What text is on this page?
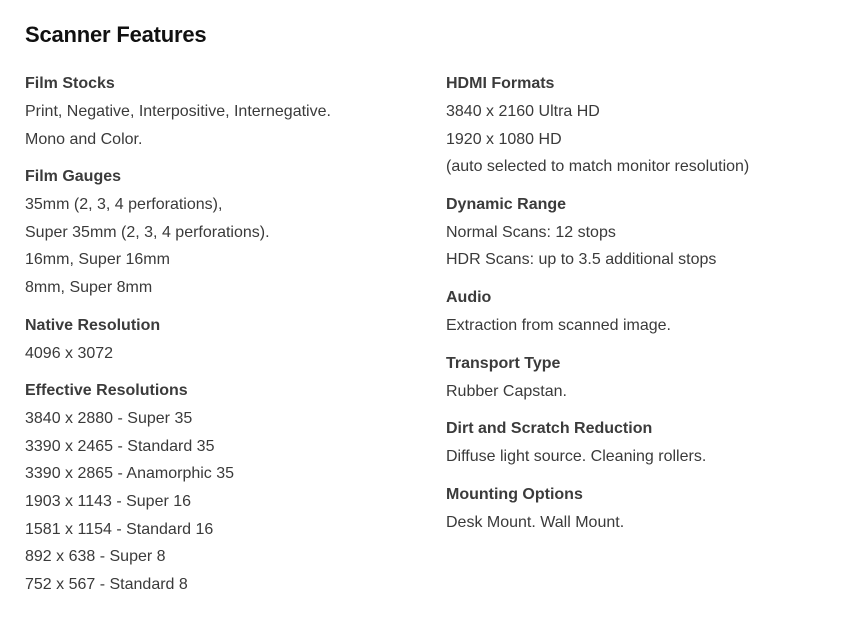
Scanner Features
Film Stocks
Print, Negative, Interpositive, Internegative.
Mono and Color.
Film Gauges
35mm (2, 3, 4 perforations),
Super 35mm (2, 3, 4 perforations).
16mm, Super 16mm
8mm, Super 8mm
Native Resolution
4096 x 3072
Effective Resolutions
3840 x 2880 - Super 35
3390 x 2465 - Standard 35
3390 x 2865 - Anamorphic 35
1903 x 1143 - Super 16
1581 x 1154 - Standard 16
892 x 638 - Super 8
752 x 567 - Standard 8
HDMI Formats
3840 x 2160 Ultra HD
1920 x 1080 HD
(auto selected to match monitor resolution)
Dynamic Range
Normal Scans: 12 stops
HDR Scans: up to 3.5 additional stops
Audio
Extraction from scanned image.
Transport Type
Rubber Capstan.
Dirt and Scratch Reduction
Diffuse light source. Cleaning rollers.
Mounting Options
Desk Mount. Wall Mount.
